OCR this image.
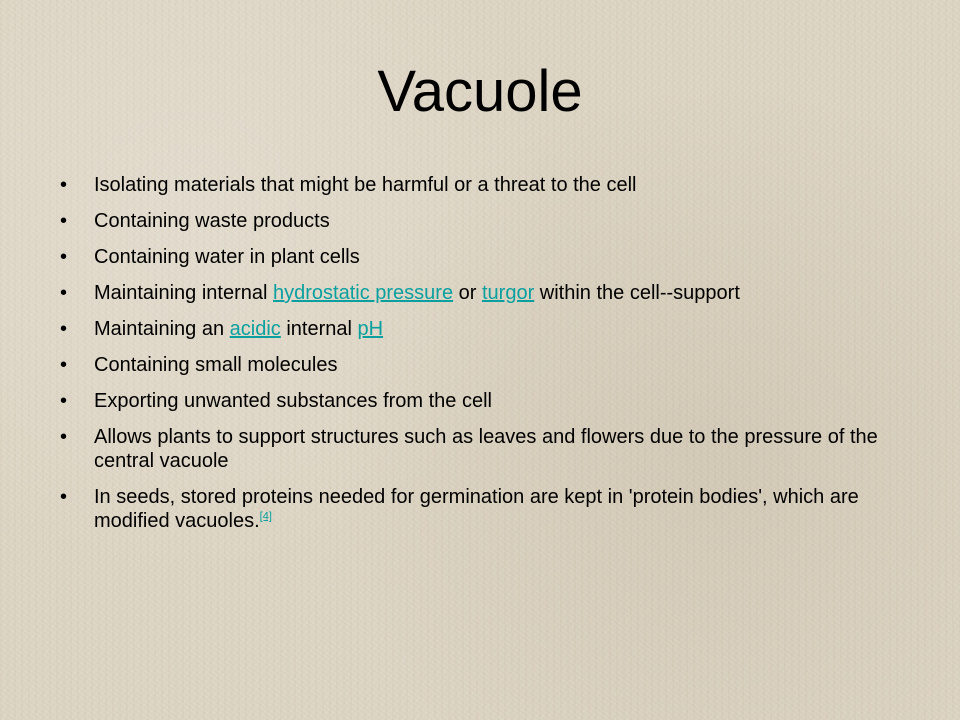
Vacuole
• Isolating materials that might be harmful or a threat to the cell
• Containing waste products
• Containing water in plant cells
• Maintaining internal hydrostatic pressure or turgor within the cell--support
• Maintaining an acidic internal pH
• Containing small molecules
• Exporting unwanted substances from the cell
• Allows plants to support structures such as leaves and flowers due to the pressure of the central vacuole
• In seeds, stored proteins needed for germination are kept in 'protein bodies', which are modified vacuoles.[4]
